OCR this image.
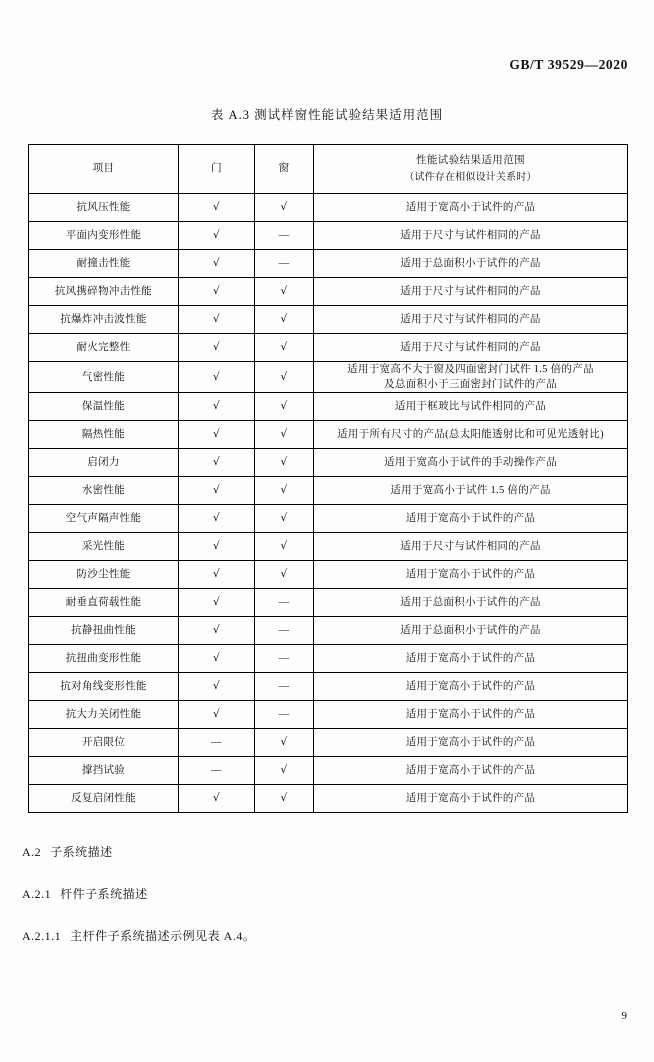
GB/T 39529—2020
表 A.3 测试样窗性能试验结果适用范围
项目	门	窗	性能试验结果适用范围
（试件存在相似设计关系时）

抗风压性能	√	√	适用于宽高小于试件的产品

平面内变形性能	√	—	适用于尺寸与试件相同的产品

耐撞击性能	√	—	适用于总面积小于试件的产品

抗风携碎物冲击性能	√	√	适用于尺寸与试件相同的产品

抗爆炸冲击波性能	√	√	适用于尺寸与试件相同的产品

耐火完整性	√	√	适用于尺寸与试件相同的产品

气密性能	√	√	适用于宽高不大于窗及四面密封门试件 1.5 倍的产品
及总面积小于三面密封门试件的产品

保温性能	√	√	适用于框玻比与试件相同的产品

隔热性能	√	√	适用于所有尺寸的产品(总太阳能透射比和可见光透射比)

启闭力	√	√	适用于宽高小于试件的手动操作产品

水密性能	√	√	适用于宽高小于试件 1.5 倍的产品

空气声隔声性能	√	√	适用于宽高小于试件的产品

采光性能	√	√	适用于尺寸与试件相同的产品

防沙尘性能	√	√	适用于宽高小于试件的产品

耐垂直荷载性能	√	—	适用于总面积小于试件的产品

抗静扭曲性能	√	—	适用于总面积小于试件的产品

抗扭曲变形性能	√	—	适用于宽高小于试件的产品

抗对角线变形性能	√	—	适用于宽高小于试件的产品

抗大力关闭性能	√	—	适用于宽高小于试件的产品

开启限位	—	√	适用于宽高小于试件的产品

撑挡试验	—	√	适用于宽高小于试件的产品

反复启闭性能	√	√	适用于宽高小于试件的产品
A.2 子系统描述
A.2.1 杆件子系统描述
A.2.1.1 主杆件子系统描述示例见表 A.4。
9
